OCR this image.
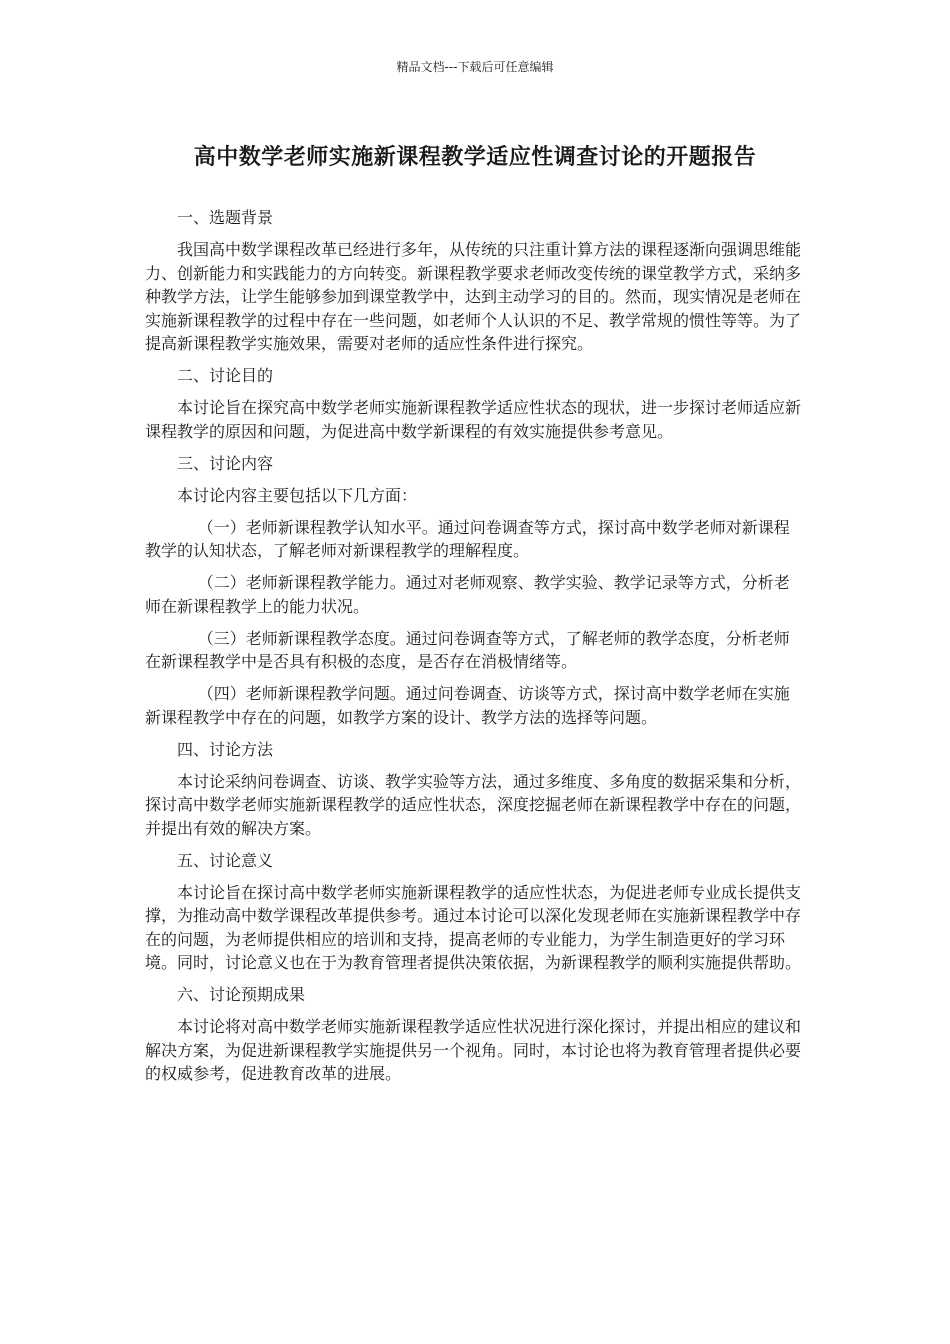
精品文档---下载后可任意编辑
高中数学老师实施新课程教学适应性调查讨论的开题报告

一、选题背景

我国高中数学课程改革已经进行多年，从传统的只注重计算方法的课程逐渐向强调思维能力、创新能力和实践能力的方向转变。新课程教学要求老师改变传统的课堂教学方式，采纳多种教学方法，让学生能够参加到课堂教学中，达到主动学习的目的。然而，现实情况是老师在实施新课程教学的过程中存在一些问题，如老师个人认识的不足、教学常规的惯性等等。为了提高新课程教学实施效果，需要对老师的适应性条件进行探究。

二、讨论目的

本讨论旨在探究高中数学老师实施新课程教学适应性状态的现状，进一步探讨老师适应新课程教学的原因和问题，为促进高中数学新课程的有效实施提供参考意见。

三、讨论内容

本讨论内容主要包括以下几方面：

（一）老师新课程教学认知水平。通过问卷调查等方式，探讨高中数学老师对新课程教学的认知状态，了解老师对新课程教学的理解程度。

（二）老师新课程教学能力。通过对老师观察、教学实验、教学记录等方式，分析老师在新课程教学上的能力状况。

（三）老师新课程教学态度。通过问卷调查等方式，了解老师的教学态度，分析老师在新课程教学中是否具有积极的态度，是否存在消极情绪等。

（四）老师新课程教学问题。通过问卷调查、访谈等方式，探讨高中数学老师在实施新课程教学中存在的问题，如教学方案的设计、教学方法的选择等问题。

四、讨论方法

本讨论采纳问卷调查、访谈、教学实验等方法，通过多维度、多角度的数据采集和分析，探讨高中数学老师实施新课程教学的适应性状态，深度挖掘老师在新课程教学中存在的问题，并提出有效的解决方案。

五、讨论意义

本讨论旨在探讨高中数学老师实施新课程教学的适应性状态，为促进老师专业成长提供支撑，为推动高中数学课程改革提供参考。通过本讨论可以深化发现老师在实施新课程教学中存在的问题，为老师提供相应的培训和支持，提高老师的专业能力，为学生制造更好的学习环境。同时，讨论意义也在于为教育管理者提供决策依据，为新课程教学的顺利实施提供帮助。

六、讨论预期成果

本讨论将对高中数学老师实施新课程教学适应性状况进行深化探讨，并提出相应的建议和解决方案，为促进新课程教学实施提供另一个视角。同时，本讨论也将为教育管理者提供必要的权威参考，促进教育改革的进展。
